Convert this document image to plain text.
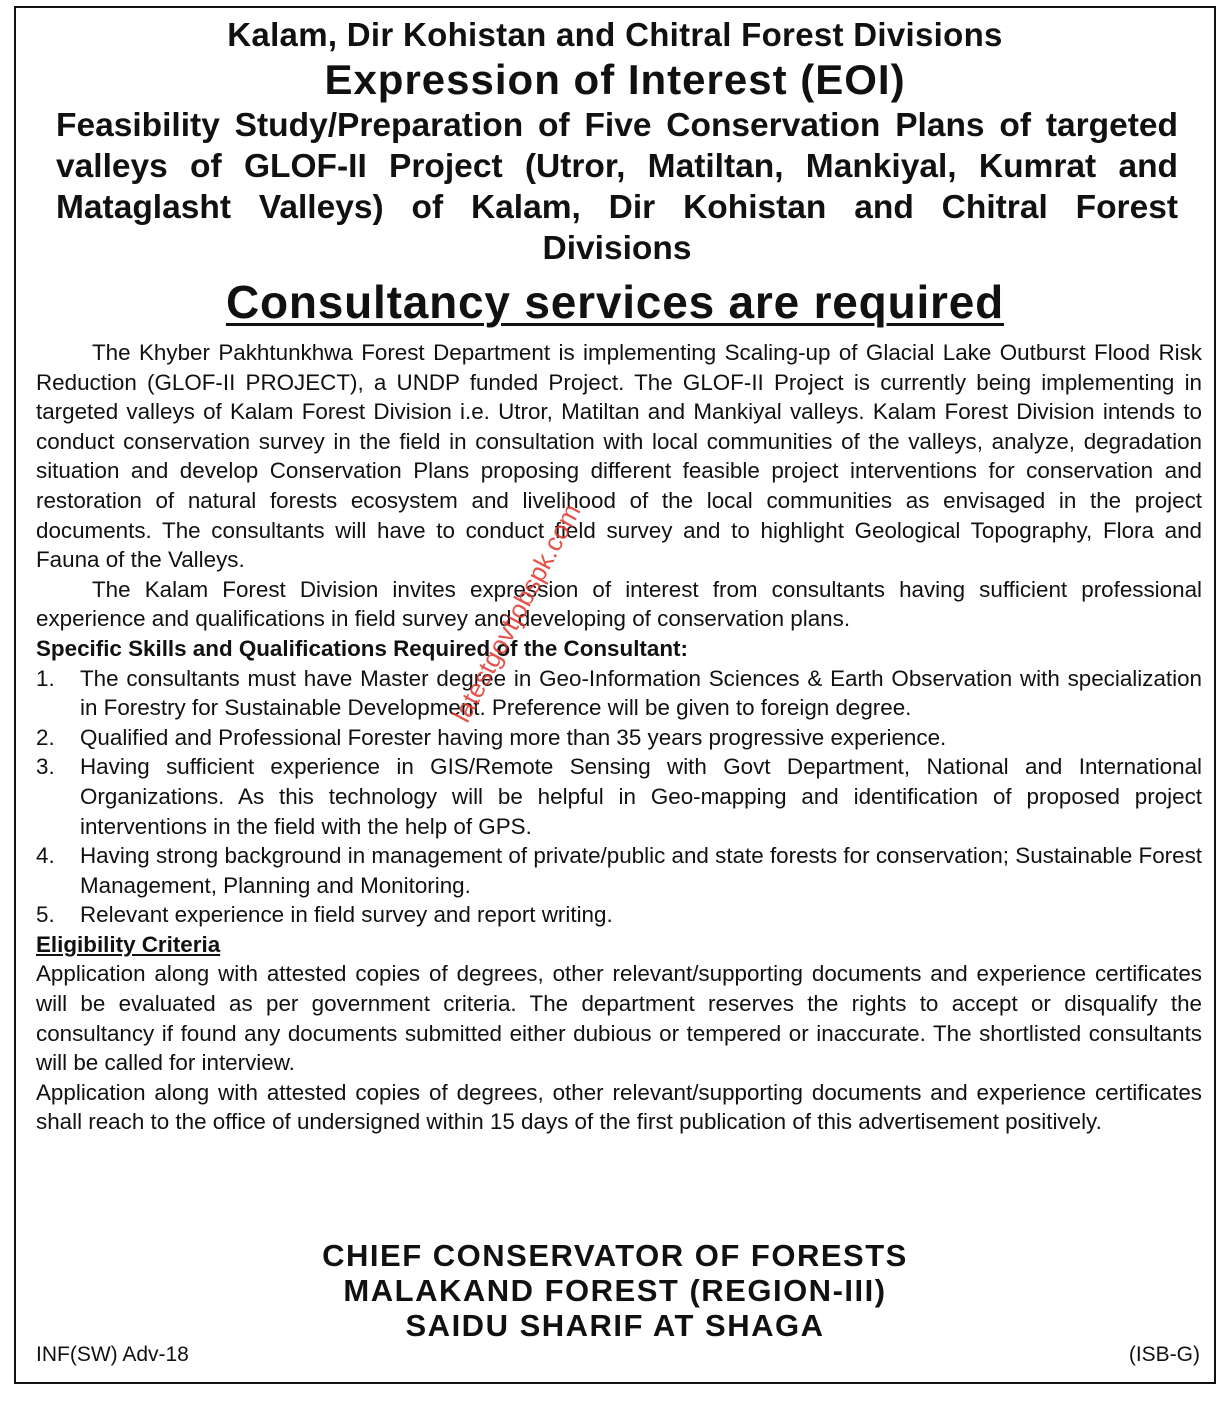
Kalam, Dir Kohistan and Chitral Forest Divisions
Expression of Interest (EOI)
Feasibility Study/Preparation of Five Conservation Plans of targeted valleys of GLOF-II Project (Utror, Matiltan, Mankiyal, Kumrat and Mataglasht Valleys) of Kalam, Dir Kohistan and Chitral Forest Divisions
Consultancy services are required

The Khyber Pakhtunkhwa Forest Department is implementing Scaling-up of Glacial Lake Outburst Flood Risk Reduction (GLOF-II PROJECT), a UNDP funded Project. The GLOF-II Project is currently being implementing in targeted valleys of Kalam Forest Division i.e. Utror, Matiltan and Mankiyal valleys. Kalam Forest Division intends to conduct conservation survey in the field in consultation with local communities of the valleys, analyze, degradation situation and develop Conservation Plans proposing different feasible project interventions for conservation and restoration of natural forests ecosystem and livelihood of the local communities as envisaged in the project documents. The consultants will have to conduct field survey and to highlight Geological Topography, Flora and Fauna of the Valleys.

The Kalam Forest Division invites expression of interest from consultants having sufficient professional experience and qualifications in field survey and developing of conservation plans.

Specific Skills and Qualifications Required of the Consultant:

1. The consultants must have Master degree in Geo-Information Sciences & Earth Observation with specialization in Forestry for Sustainable Development. Preference will be given to foreign degree.
2. Qualified and Professional Forester having more than 35 years progressive experience.
3. Having sufficient experience in GIS/Remote Sensing with Govt Department, National and International Organizations. As this technology will be helpful in Geo-mapping and identification of proposed project interventions in the field with the help of GPS.
4. Having strong background in management of private/public and state forests for conservation; Sustainable Forest Management, Planning and Monitoring.
5. Relevant experience in field survey and report writing.

Eligibility Criteria

Application along with attested copies of degrees, other relevant/supporting documents and experience certificates will be evaluated as per government criteria. The department reserves the rights to accept or disqualify the consultancy if found any documents submitted either dubious or tempered or inaccurate. The shortlisted consultants will be called for interview.

Application along with attested copies of degrees, other relevant/supporting documents and experience certificates shall reach to the office of undersigned within 15 days of the first publication of this advertisement positively.

CHIEF CONSERVATOR OF FORESTS
MALAKAND FOREST (REGION-III)
SAIDU SHARIF AT SHAGA
INF(SW) Adv-18	(ISB-G)
latestgovtjobspk.com
